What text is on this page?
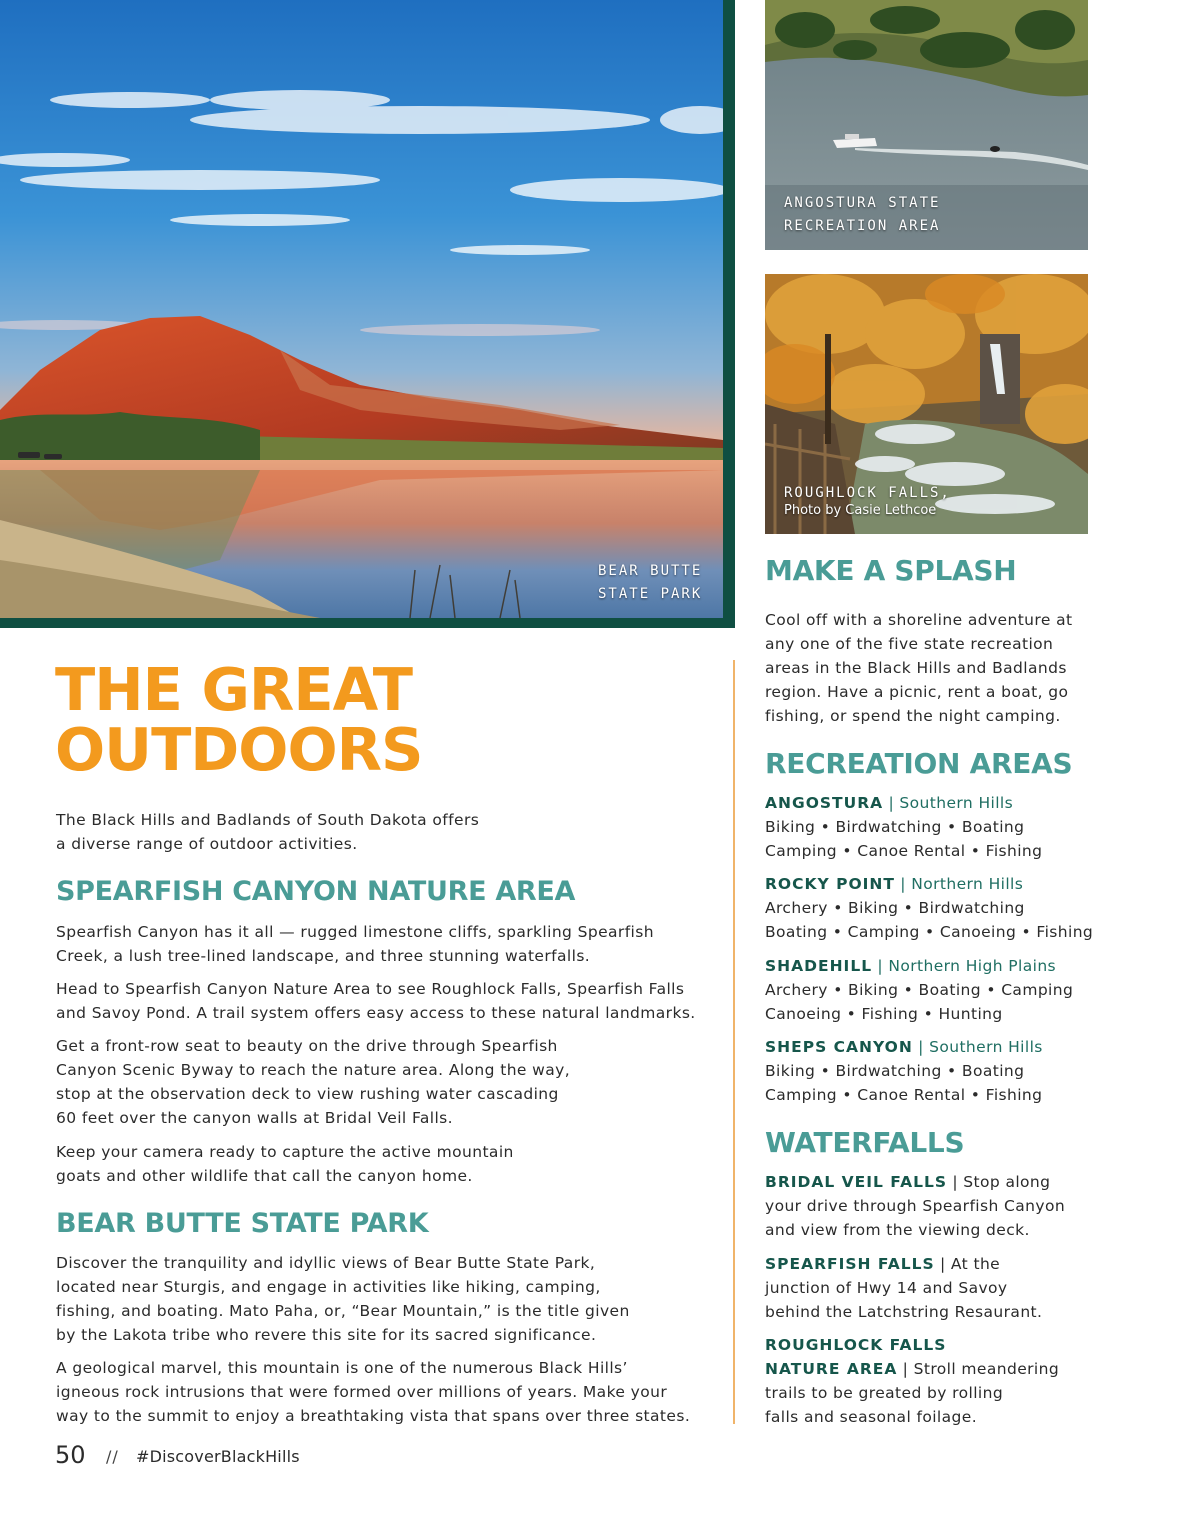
BEAR BUTTE
STATE PARK
ANGOSTURA STATE
RECREATION AREA
ROUGHLOCK FALLS,
Photo by Casie Lethcoe
THE GREAT
OUTDOORS

The Black Hills and Badlands of South Dakota offers
a diverse range of outdoor activities.

SPEARFISH CANYON NATURE AREA

Spearfish Canyon has it all — rugged limestone cliffs, sparkling Spearfish
Creek, a lush tree-lined landscape, and three stunning waterfalls.

Head to Spearfish Canyon Nature Area to see Roughlock Falls, Spearfish Falls
and Savoy Pond. A trail system offers easy access to these natural landmarks.

Get a front-row seat to beauty on the drive through Spearfish
Canyon Scenic Byway to reach the nature area. Along the way,
stop at the observation deck to view rushing water cascading
60 feet over the canyon walls at Bridal Veil Falls.

Keep your camera ready to capture the active mountain
goats and other wildlife that call the canyon home.

BEAR BUTTE STATE PARK

Discover the tranquility and idyllic views of Bear Butte State Park,
located near Sturgis, and engage in activities like hiking, camping,
fishing, and boating. Mato Paha, or, “Bear Mountain,” is the title given
by the Lakota tribe who revere this site for its sacred significance.

A geological marvel, this mountain is one of the numerous Black Hills’
igneous rock intrusions that were formed over millions of years. Make your
way to the summit to enjoy a breathtaking vista that spans over three states.

MAKE A SPLASH

Cool off with a shoreline adventure at
any one of the five state recreation
areas in the Black Hills and Badlands
region. Have a picnic, rent a boat, go
fishing, or spend the night camping.

RECREATION AREAS

ANGOSTURA | Southern Hills
Biking • Birdwatching • Boating
Camping • Canoe Rental • Fishing

ROCKY POINT | Northern Hills
Archery • Biking • Birdwatching
Boating • Camping • Canoeing • Fishing

SHADEHILL | Northern High Plains
Archery • Biking • Boating • Camping
Canoeing • Fishing • Hunting

SHEPS CANYON | Southern Hills
Biking • Birdwatching • Boating
Camping • Canoe Rental • Fishing

WATERFALLS

BRIDAL VEIL FALLS | Stop along
your drive through Spearfish Canyon
and view from the viewing deck.

SPEARFISH FALLS | At the
junction of Hwy 14 and Savoy
behind the Latchstring Resaurant.

ROUGHLOCK FALLS
NATURE AREA | Stroll meandering
trails to be greated by rolling
falls and seasonal foilage.

50 // #DiscoverBlackHills
